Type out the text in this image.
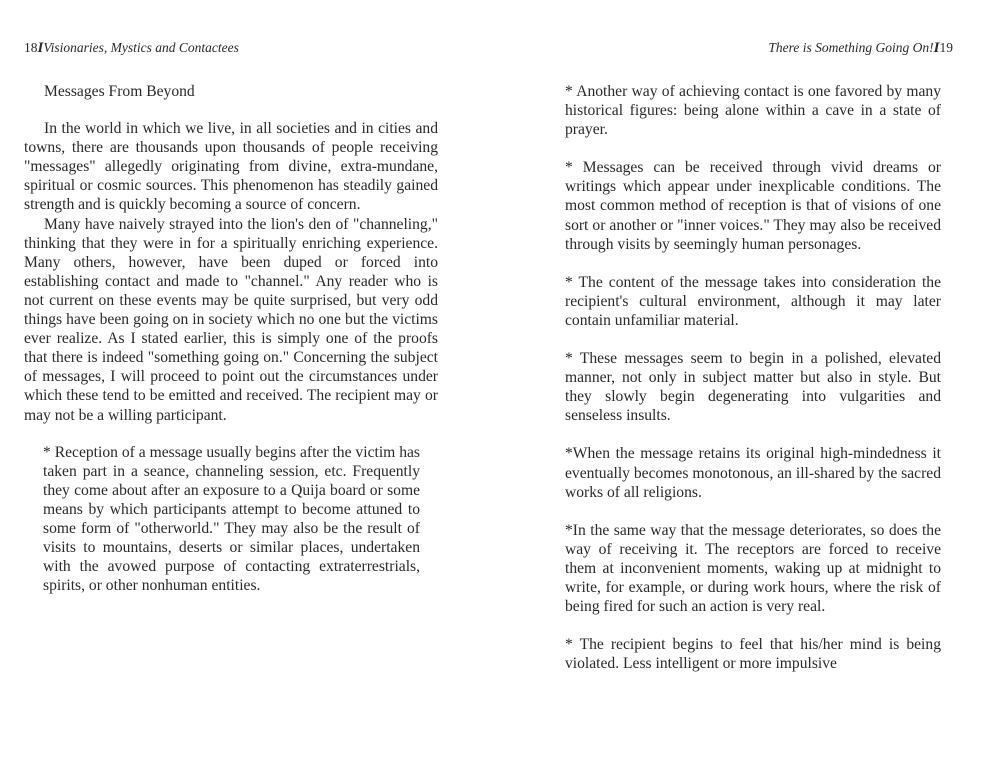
18IVisionaries, Mystics and Contactees
Messages From Beyond

In the world in which we live, in all societies and in cities and towns, there are thousands upon thousands of people receiving "messages" allegedly originating from divine, extra-mundane, spiritual or cosmic sources. This phenomenon has steadily gained strength and is quickly becoming a source of concern.

Many have naively strayed into the lion's den of "channeling," thinking that they were in for a spiritually enriching experience. Many others, however, have been duped or forced into establishing contact and made to "channel." Any reader who is not current on these events may be quite surprised, but very odd things have been going on in society which no one but the victims ever realize. As I stated earlier, this is simply one of the proofs that there is indeed "something going on." Concerning the subject of messages, I will proceed to point out the circumstances under which these tend to be emitted and received. The recipient may or may not be a willing participant.

* Reception of a message usually begins after the victim has taken part in a seance, channeling session, etc. Frequently they come about after an exposure to a Quija board or some means by which participants attempt to become attuned to some form of "otherworld." They may also be the result of visits to mountains, deserts or similar places, undertaken with the avowed purpose of contacting extraterrestrials, spirits, or other nonhuman entities.

There is Something Going On!I19

* Another way of achieving contact is one favored by many historical figures: being alone within a cave in a state of prayer.

* Messages can be received through vivid dreams or writings which appear under inexplicable conditions. The most common method of reception is that of visions of one sort or another or "inner voices." They may also be received through visits by seemingly human personages.

* The content of the message takes into consideration the recipient's cultural environment, although it may later contain unfamiliar material.

* These messages seem to begin in a polished, elevated manner, not only in subject matter but also in style. But they slowly begin degenerating into vulgarities and senseless insults.

*When the message retains its original high-mindedness it eventually becomes monotonous, an ill-shared by the sacred works of all religions.

*In the same way that the message deteriorates, so does the way of receiving it. The receptors are forced to receive them at inconvenient moments, waking up at midnight to write, for example, or during work hours, where the risk of being fired for such an action is very real.

* The recipient begins to feel that his/her mind is being violated. Less intelligent or more impulsive
